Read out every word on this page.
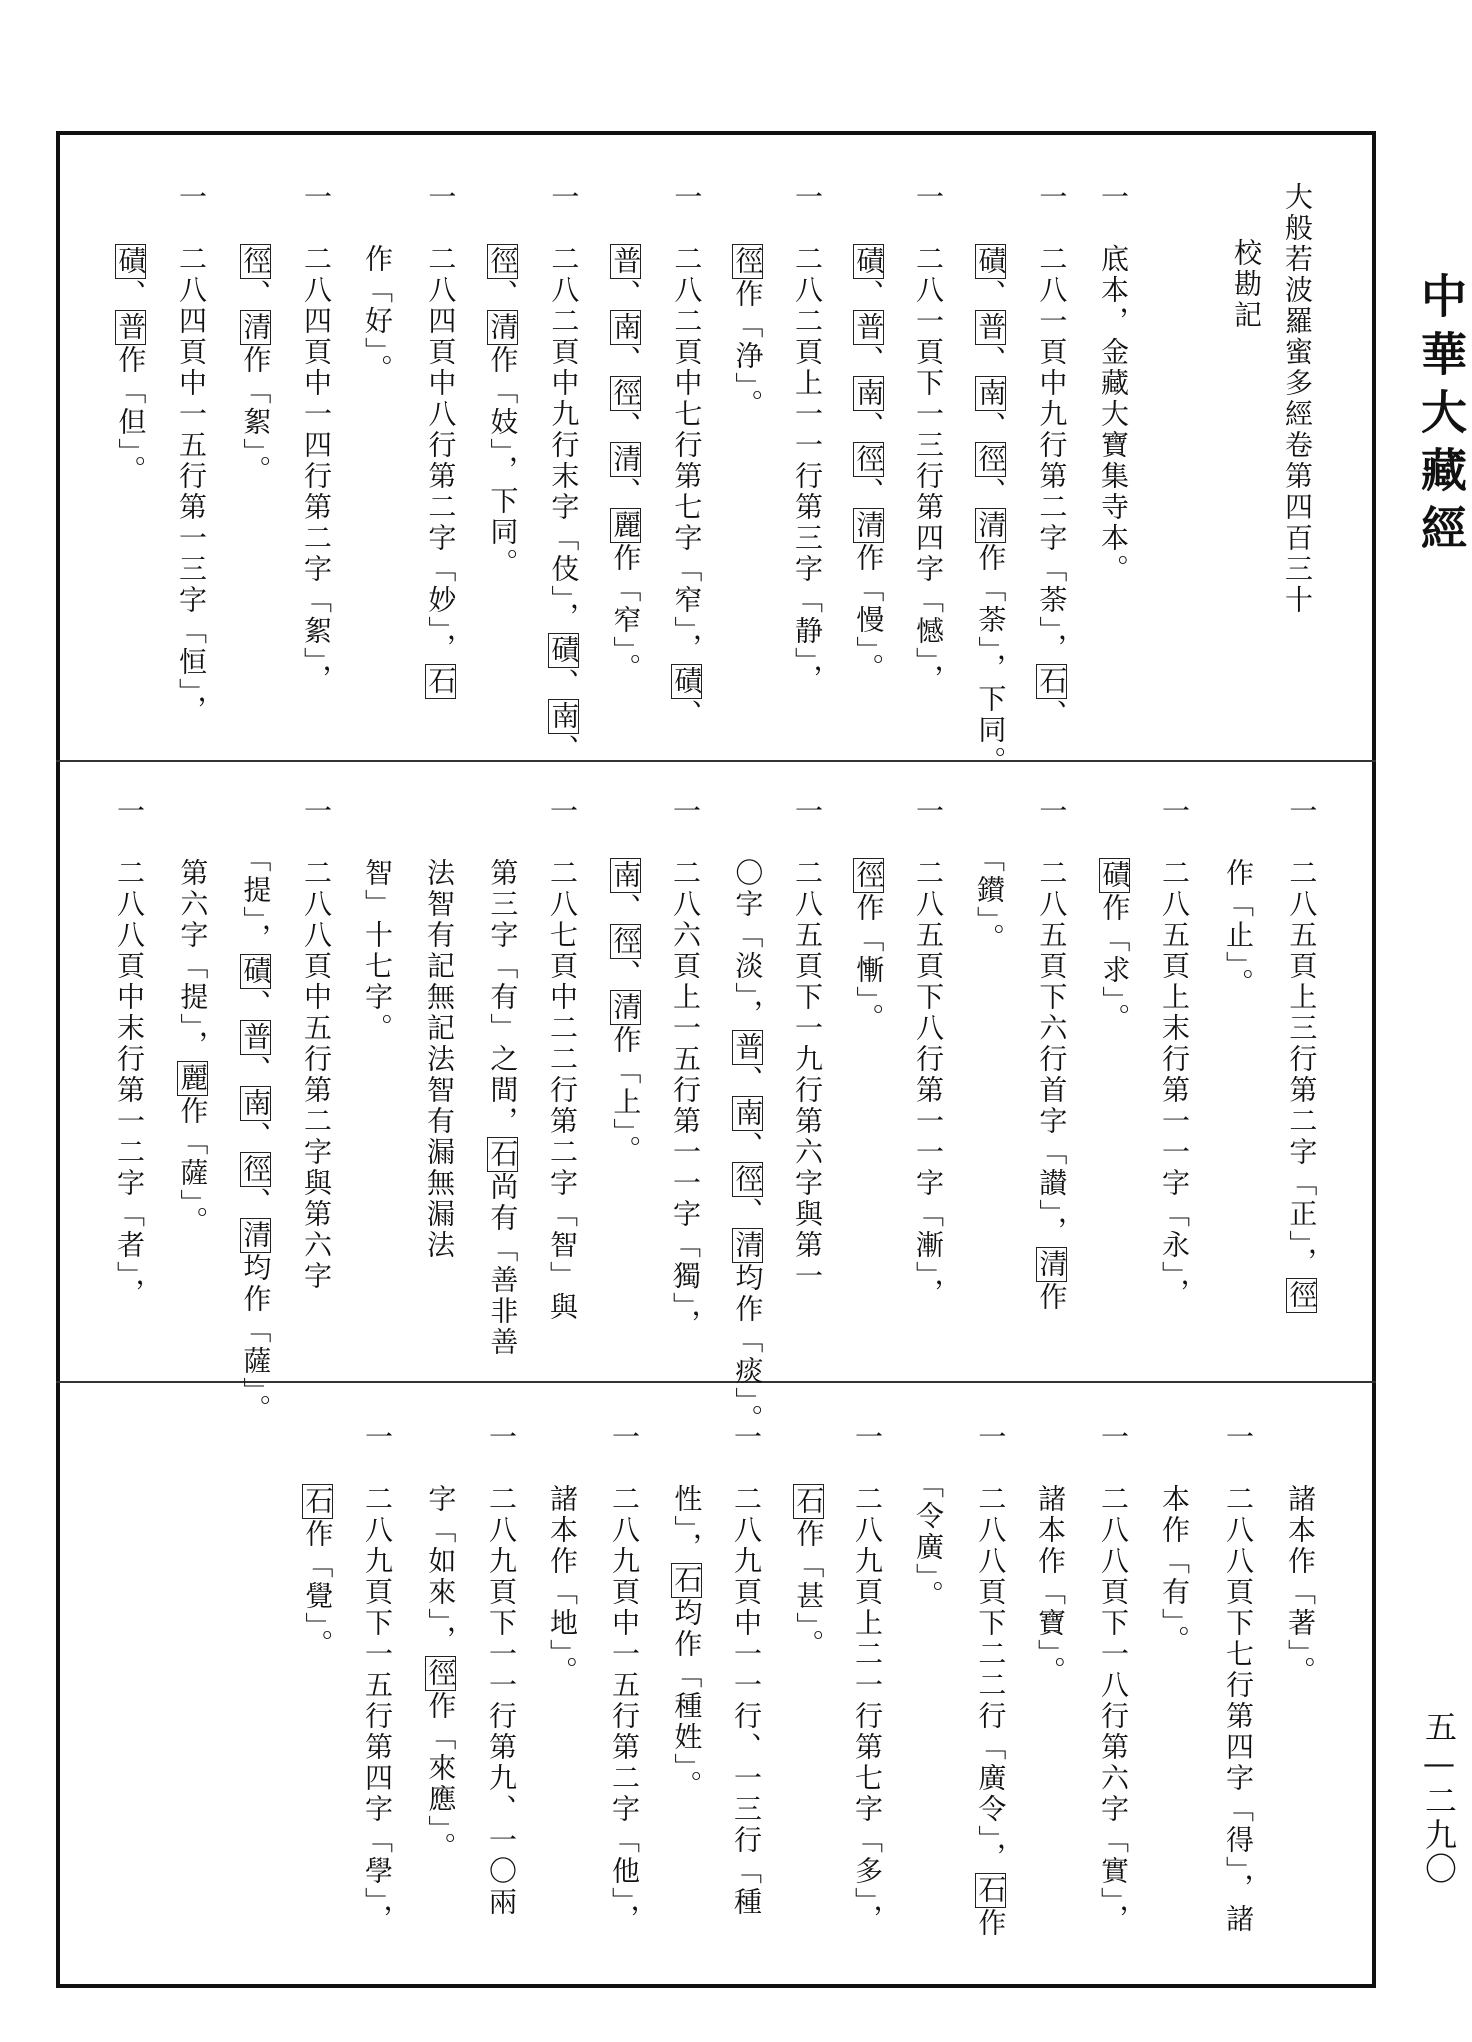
中華大藏經
五—二九〇
大般若波羅蜜多經卷第四百三十
校勘記
一　底本，金藏大寶集寺本。
一　二八一頁中九行第二字「荼」，石、
　　磧、普、南、徑、清作「荼」，下同。
一　二八一頁下一三行第四字「憾」，
　　磧、普、南、徑、清作「慢」。
一　二八二頁上一一行第三字「静」，
　　徑作「浄」。
一　二八二頁中七行第七字「窄」，磧、
　　普、南、徑、清、麗作「窄」。
一　二八二頁中九行末字「伎」，磧、南、
　　徑、清作「妓」，下同。
一　二八四頁中八行第二字「妙」，石
　　作「好」。
一　二八四頁中一四行第二字「絮」，
　　徑、清作「絮」。
一　二八四頁中一五行第一三字「恒」，
　　磧、普作「但」。
一　二八五頁上三行第二字「正」，徑
　　作「止」。
一　二八五頁上末行第一一字「永」，
　　磧作「求」。
一　二八五頁下六行首字「讃」，清作
　　「鑚」。
一　二八五頁下八行第一一字「漸」，
　　徑作「慚」。
一　二八五頁下一九行第六字與第一
　　〇字「淡」，普、南、徑、清均作「痰」。
一　二八六頁上一五行第一一字「獨」，
　　南、徑、清作「上」。
一　二八七頁中二二行第二字「智」與
　　第三字「有」之間，石尚有「善非善
　　法智有記無記法智有漏無漏法
　　智」十七字。
一　二八八頁中五行第二字與第六字
　　「提」，磧、普、南、徑、清均作「薩」。
　　第六字「提」，麗作「薩」。
一　二八八頁中末行第一二字「者」，
　　諸本作「著」。
一　二八八頁下七行第四字「得」，諸
　　本作「有」。
一　二八八頁下一八行第六字「實」，
　　諸本作「寶」。
一　二八八頁下二二行「廣令」，石作
　　「令廣」。
一　二八九頁上二一行第七字「多」，
　　石作「甚」。
一　二八九頁中一一行、一三行「種
　　性」，石均作「種姓」。
一　二八九頁中一五行第二字「他」，
　　諸本作「地」。
一　二八九頁下一一行第九、一〇兩
　　字「如來」，徑作「來應」。
一　二八九頁下一五行第四字「學」，
　　石作「覺」。
